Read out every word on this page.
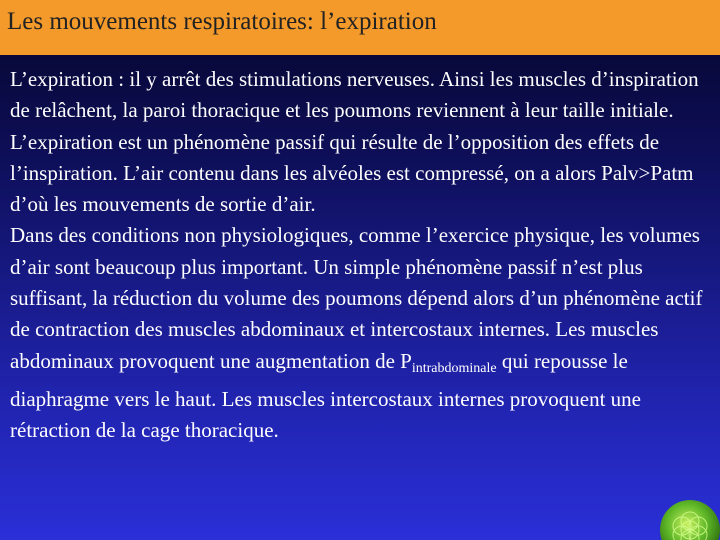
Les mouvements respiratoires: l’expiration
L’expiration : il y arrêt des stimulations nerveuses. Ainsi les muscles d’inspiration de relâchent, la paroi thoracique et les poumons reviennent à leur taille initiale. L’expiration est un phénomène passif qui résulte de l’opposition des effets de l’inspiration. L’air contenu dans les alvéoles est compressé, on a alors Palv>Patm d’où les mouvements de sortie d’air.
Dans des conditions non physiologiques, comme l’exercice physique, les volumes d’air sont beaucoup plus important. Un simple phénomène passif n’est plus suffisant, la réduction du volume des poumons dépend alors d’un phénomène actif de contraction des muscles abdominaux et intercostaux internes. Les muscles abdominaux provoquent une augmentation de $P_{intrabdominale}$ qui repousse le diaphragme vers le haut. Les muscles intercostaux internes provoquent une rétraction de la cage thoracique.
